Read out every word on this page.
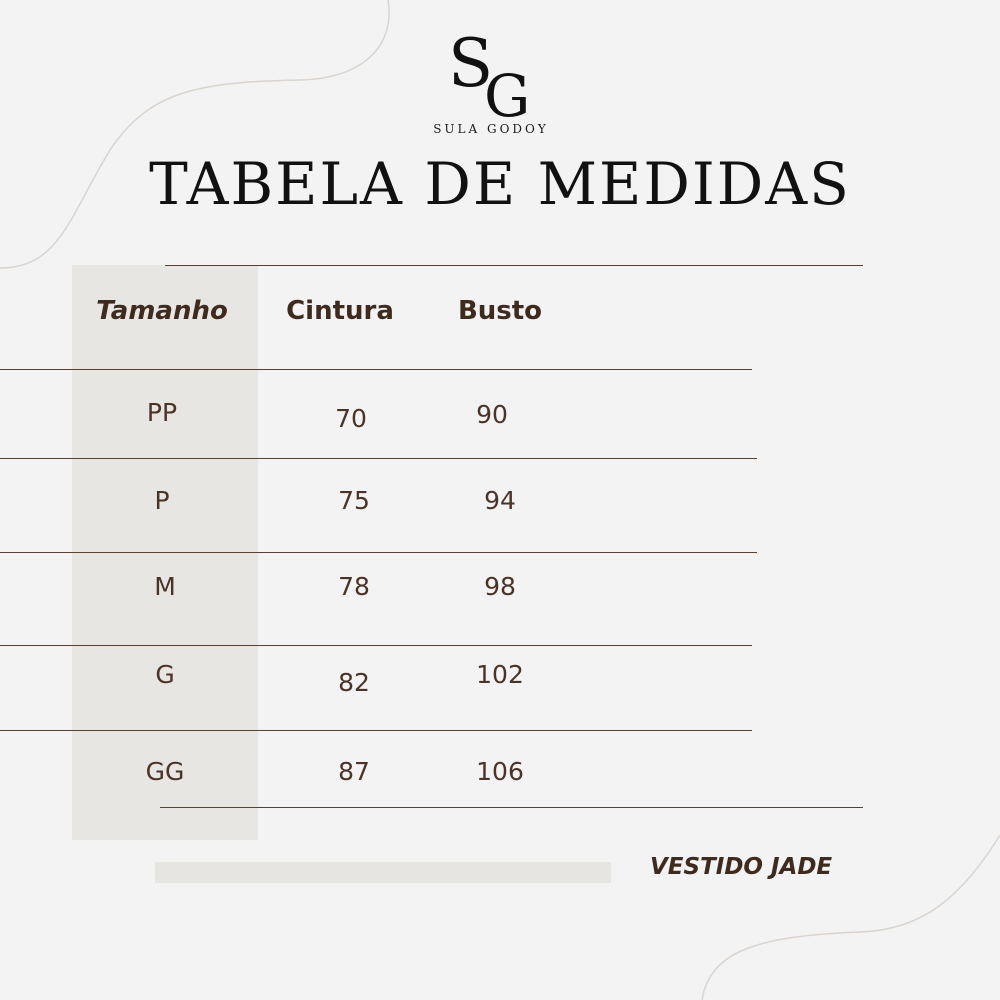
S
G
SULA GODOY
TABELA DE MEDIDAS
Tamanho	Cintura	Busto
PP	70	90
P	75	94
M	78	98
G	82	102
GG	87	106
VESTIDO JADE
